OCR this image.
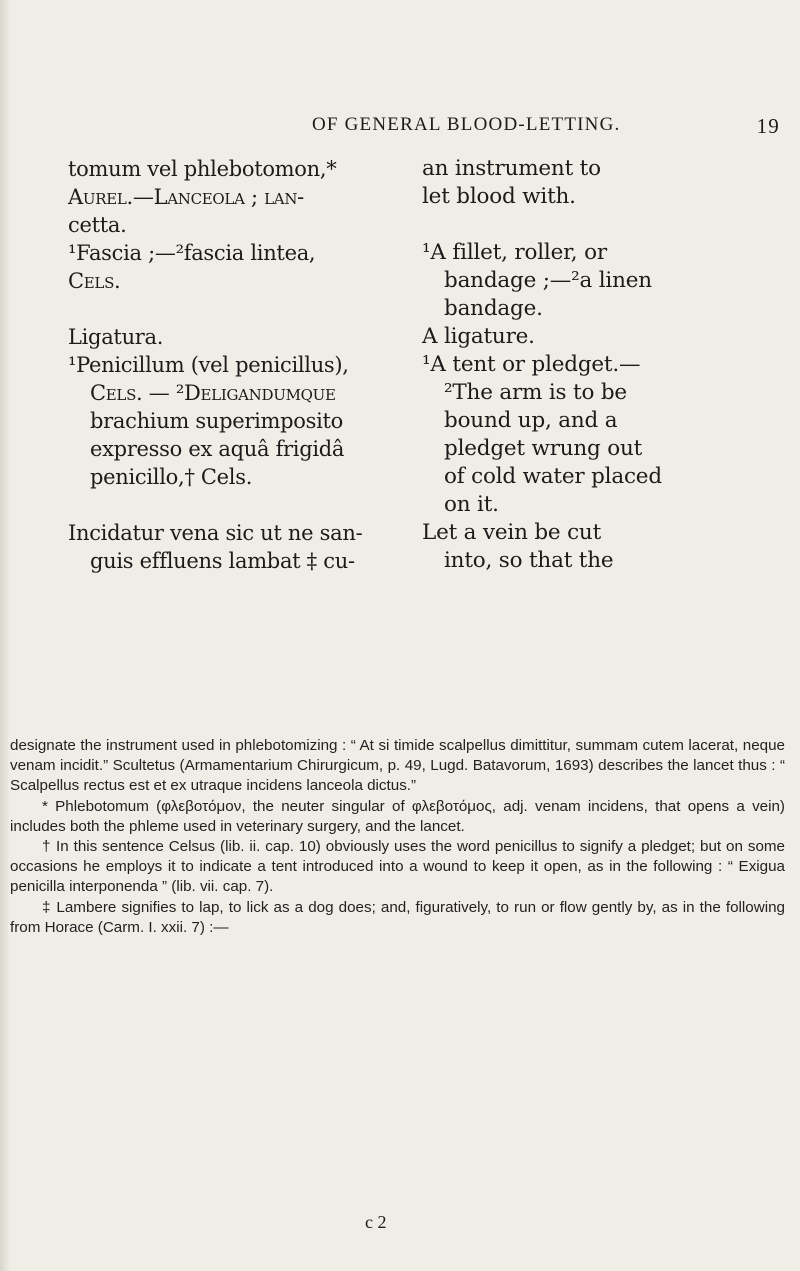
OF GENERAL BLOOD-LETTING.	19
tomum vel phlebotomon,*
Aurel.—Lanceola ; lan-
cetta.
an instrument to
let blood with.
¹Fascia ;—²fascia lintea,
Cels.
¹A fillet, roller, or
bandage ;—²a linen
bandage.
Ligatura.	A ligature.
¹Penicillum (vel penicillus),
Cels. — ²Deligandumque
brachium superimposito
expresso ex aquâ frigidâ
penicillo,† Cels.
¹A tent or pledget.—
²The arm is to be
bound up, and a
pledget wrung out
of cold water placed
on it.
Incidatur vena sic ut ne san-
guis effluens lambat ‡ cu-
Let a vein be cut
into, so that the

designate the instrument used in phlebotomizing : “ At si timide scalpellus dimittitur, summam cutem lacerat, neque venam incidit.” Scultetus (Armamentarium Chirurgicum, p. 49, Lugd. Batavorum, 1693) describes the lancet thus : “ Scalpellus rectus est et ex utraque incidens lanceola dictus.”

* Phlebotomum (φλεβοτόμον, the neuter singular of φλεβοτόμος, adj. venam incidens, that opens a vein) includes both the phleme used in veterinary surgery, and the lancet.

† In this sentence Celsus (lib. ii. cap. 10) obviously uses the word penicillus to signify a pledget; but on some occasions he employs it to indicate a tent introduced into a wound to keep it open, as in the following : “ Exigua penicilla interponenda ” (lib. vii. cap. 7).

‡ Lambere signifies to lap, to lick as a dog does; and, figuratively, to run or flow gently by, as in the following from Horace (Carm. I. xxii. 7) :—

c 2
